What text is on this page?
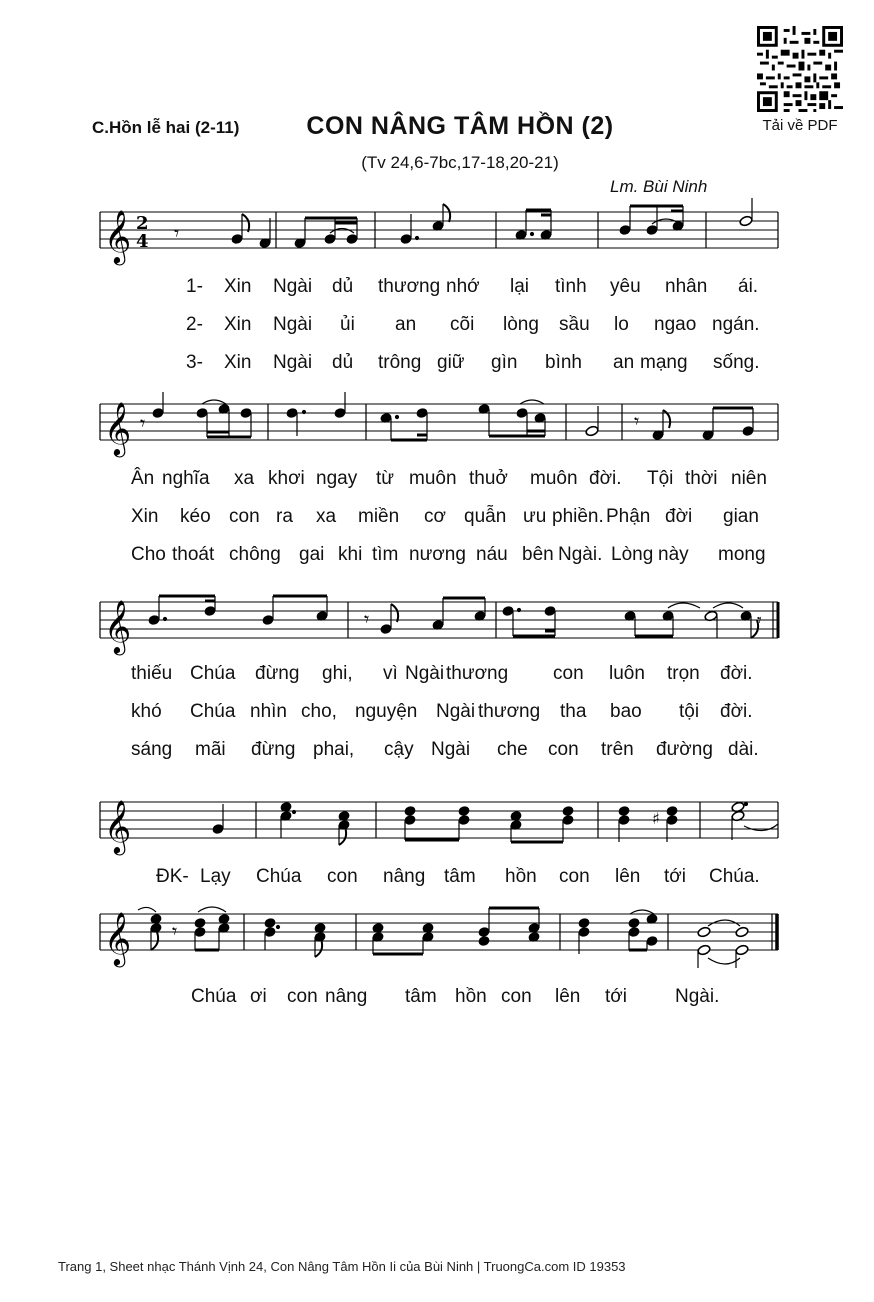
C.Hồn lễ hai (2-11)	CON NÂNG TÂM HỒN (2)
(Tv 24,6-7bc,17-18,20-21)
Lm. Bùi Ninh
Tải về PDF
𝄞 2
4 𝄾
1- Xin Ngài dủ thương nhớ lại tình yêu nhân ái.
2- Xin Ngài ủi an cõi lòng sầu lo ngao ngán.
3- Xin Ngài dủ trông giữ gìn bình an mạng sống.
𝄞 𝄾	𝄾
Ân nghĩa xa khơi ngay từ muôn thuở muôn đời. Tội thời niên
Xin kéo con ra xa miền cơ quẫn ưu phiền. Phận đời gian
Cho thoát chông gai khi tìm nương náu bên Ngài. Lòng này mong
𝄞	𝄾	𝄾
thiếu Chúa đừng ghi, vì Ngài thương con luôn trọn đời.
khó Chúa nhìn cho, nguyện Ngài thương tha bao tội đời.
sáng mãi đừng phai, cậy Ngài che con trên đường dài.
𝄞	♯
ĐK- Lạy Chúa con nâng tâm hồn con lên tới Chúa.
𝄞 𝄾
Chúa ơi con nâng tâm hồn con lên tới	Ngài.
Trang 1, Sheet nhạc Thánh Vịnh 24, Con Nâng Tâm Hồn Ii của Bùi Ninh | TruongCa.com ID 19353
